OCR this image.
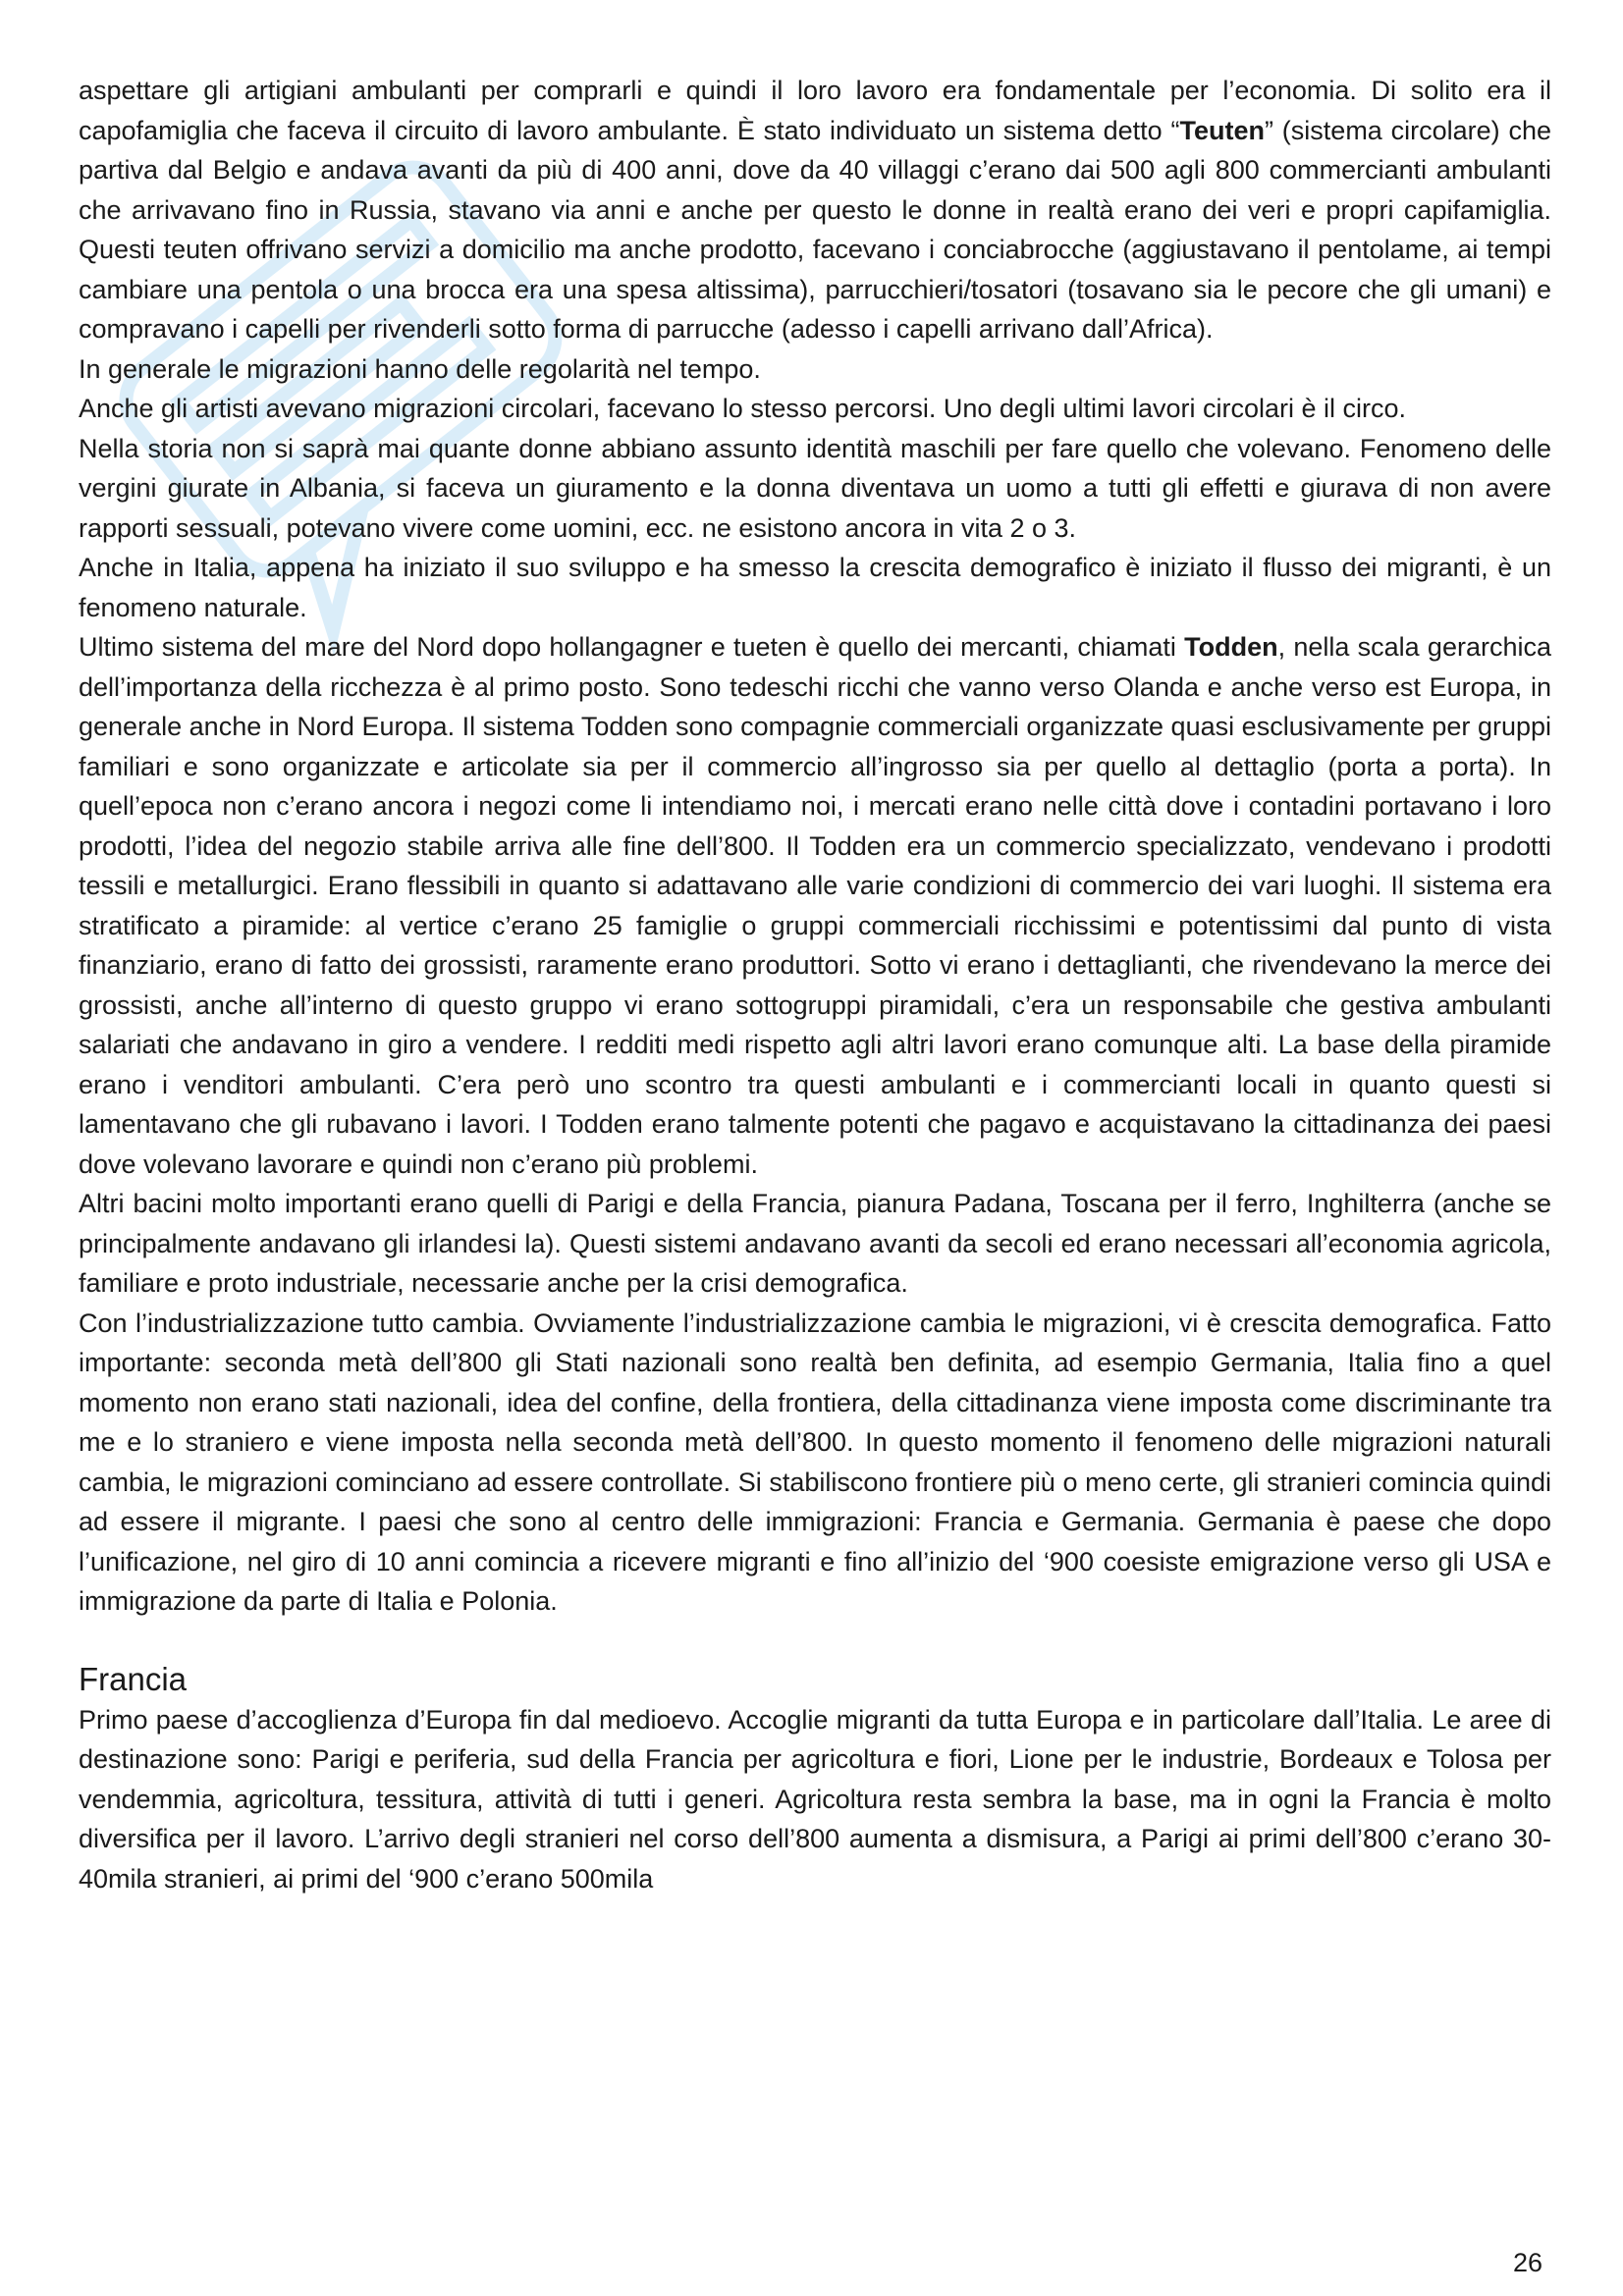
aspettare gli artigiani ambulanti per comprarli e quindi il loro lavoro era fondamentale per l’economia. Di solito era il capofamiglia che faceva il circuito di lavoro ambulante. È stato individuato un sistema detto “Teuten” (sistema circolare) che partiva dal Belgio e andava avanti da più di 400 anni, dove da 40 villaggi c’erano dai 500 agli 800 commercianti ambulanti che arrivavano fino in Russia, stavano via anni e anche per questo le donne in realtà erano dei veri e propri capifamiglia. Questi teuten offrivano servizi a domicilio ma anche prodotto, facevano i conciabrocche (aggiustavano il pentolame, ai tempi cambiare una pentola o una brocca era una spesa altissima), parrucchieri/tosatori (tosavano sia le pecore che gli umani) e compravano i capelli per rivenderli sotto forma di parrucche (adesso i capelli arrivano dall’Africa).

In generale le migrazioni hanno delle regolarità nel tempo.

Anche gli artisti avevano migrazioni circolari, facevano lo stesso percorsi. Uno degli ultimi lavori circolari è il circo.

Nella storia non si saprà mai quante donne abbiano assunto identità maschili per fare quello che volevano. Fenomeno delle vergini giurate in Albania, si faceva un giuramento e la donna diventava un uomo a tutti gli effetti e giurava di non avere rapporti sessuali, potevano vivere come uomini, ecc. ne esistono ancora in vita 2 o 3.

Anche in Italia, appena ha iniziato il suo sviluppo e ha smesso la crescita demografico è iniziato il flusso dei migranti, è un fenomeno naturale.

Ultimo sistema del mare del Nord dopo hollangagner e tueten è quello dei mercanti, chiamati Todden, nella scala gerarchica dell’importanza della ricchezza è al primo posto. Sono tedeschi ricchi che vanno verso Olanda e anche verso est Europa, in generale anche in Nord Europa. Il sistema Todden sono compagnie commerciali organizzate quasi esclusivamente per gruppi familiari e sono organizzate e articolate sia per il commercio all’ingrosso sia per quello al dettaglio (porta a porta). In quell’epoca non c’erano ancora i negozi come li intendiamo noi, i mercati erano nelle città dove i contadini portavano i loro prodotti, l’idea del negozio stabile arriva alle fine dell’800. Il Todden era un commercio specializzato, vendevano i prodotti tessili e metallurgici. Erano flessibili in quanto si adattavano alle varie condizioni di commercio dei vari luoghi. Il sistema era stratificato a piramide: al vertice c’erano 25 famiglie o gruppi commerciali ricchissimi e potentissimi dal punto di vista finanziario, erano di fatto dei grossisti, raramente erano produttori. Sotto vi erano i dettaglianti, che rivendevano la merce dei grossisti, anche all’interno di questo gruppo vi erano sottogruppi piramidali, c’era un responsabile che gestiva ambulanti salariati che andavano in giro a vendere. I redditi medi rispetto agli altri lavori erano comunque alti. La base della piramide erano i venditori ambulanti. C’era però uno scontro tra questi ambulanti e i commercianti locali in quanto questi si lamentavano che gli rubavano i lavori. I Todden erano talmente potenti che pagavo e acquistavano la cittadinanza dei paesi dove volevano lavorare e quindi non c’erano più problemi.

Altri bacini molto importanti erano quelli di Parigi e della Francia, pianura Padana, Toscana per il ferro, Inghilterra (anche se principalmente andavano gli irlandesi la). Questi sistemi andavano avanti da secoli ed erano necessari all’economia agricola, familiare e proto industriale, necessarie anche per la crisi demografica.

Con l’industrializzazione tutto cambia. Ovviamente l’industrializzazione cambia le migrazioni, vi è crescita demografica. Fatto importante: seconda metà dell’800 gli Stati nazionali sono realtà ben definita, ad esempio Germania, Italia fino a quel momento non erano stati nazionali, idea del confine, della frontiera, della cittadinanza viene imposta come discriminante tra me e lo straniero e viene imposta nella seconda metà dell’800. In questo momento il fenomeno delle migrazioni naturali cambia, le migrazioni cominciano ad essere controllate. Si stabiliscono frontiere più o meno certe, gli stranieri comincia quindi ad essere il migrante. I paesi che sono al centro delle immigrazioni: Francia e Germania. Germania è paese che dopo l’unificazione, nel giro di 10 anni comincia a ricevere migranti e fino all’inizio del ‘900 coesiste emigrazione verso gli USA e immigrazione da parte di Italia e Polonia.

Francia

Primo paese d’accoglienza d’Europa fin dal medioevo. Accoglie migranti da tutta Europa e in particolare dall’Italia. Le aree di destinazione sono: Parigi e periferia, sud della Francia per agricoltura e fiori, Lione per le industrie, Bordeaux e Tolosa per vendemmia, agricoltura, tessitura, attività di tutti i generi. Agricoltura resta sembra la base, ma in ogni la Francia è molto diversifica per il lavoro. L’arrivo degli stranieri nel corso dell’800 aumenta a dismisura, a Parigi ai primi dell’800 c’erano 30-40mila stranieri, ai primi del ‘900 c’erano 500mila

26
